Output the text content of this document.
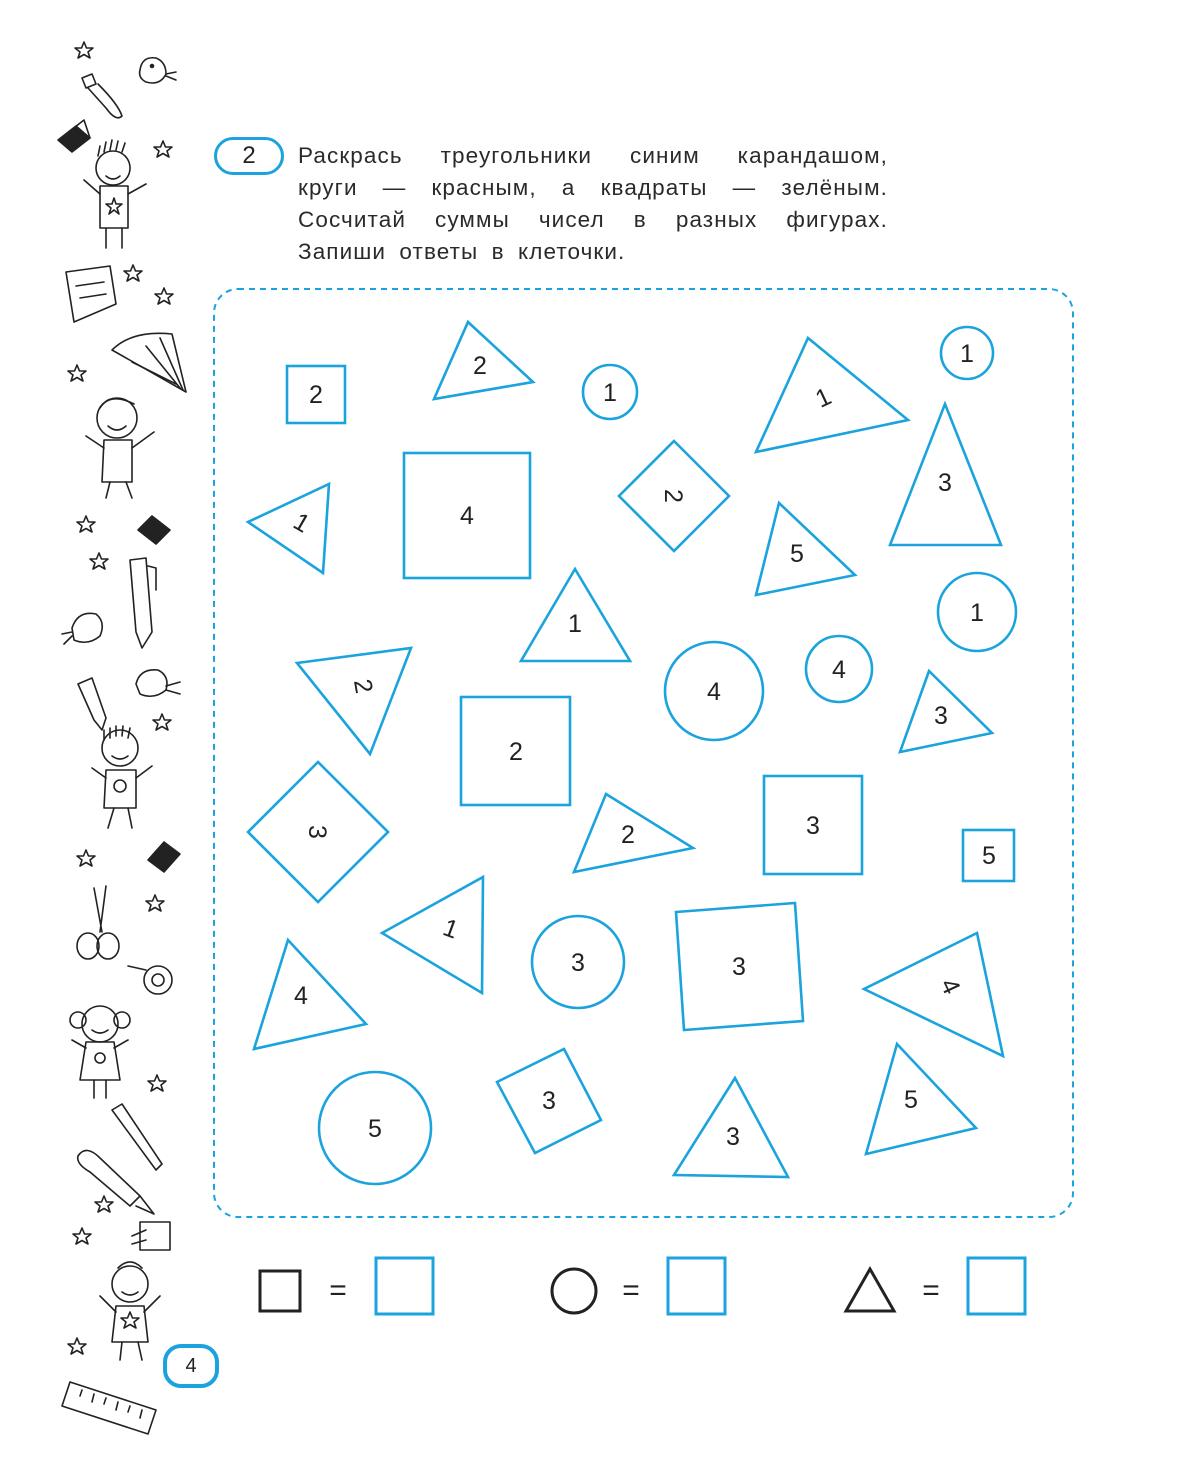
2 Раскрась треугольники синим карандашом,
круги — красным, а квадраты — зелёным.
Сосчитай суммы чисел в разных фигурах.
Запиши ответы в клеточки.
2
4
2
2
3	3
3
5
3
1
1
1
4
4
3
5
2
1
3
1
5
1
2
3
2
1
4	4
3
5
=	=	=
4
